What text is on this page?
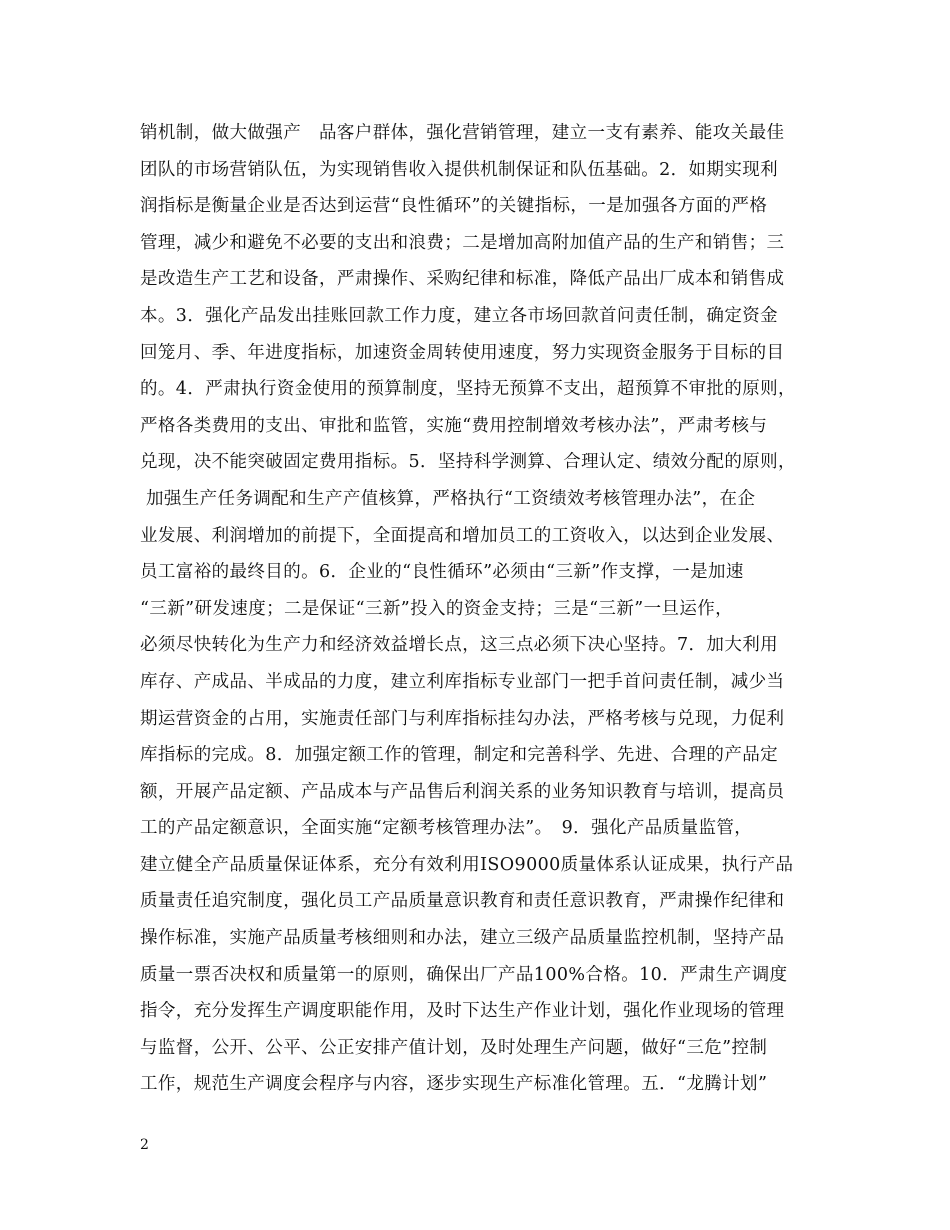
销机制，做大做强产　品客户群体，强化营销管理，建立一支有素养、能攻关最佳
团队的市场营销队伍，为实现销售收入提供机制保证和队伍基础。2．如期实现利
润指标是衡量企业是否达到运营“良性循环”的关键指标，一是加强各方面的严格
管理，减少和避免不必要的支出和浪费；二是增加高附加值产品的生产和销售；三
是改造生产工艺和设备，严肃操作、采购纪律和标准，降低产品出厂成本和销售成
本。3．强化产品发出挂账回款工作力度，建立各市场回款首问责任制，确定资金
回笼月、季、年进度指标，加速资金周转使用速度，努力实现资金服务于目标的目
的。4．严肃执行资金使用的预算制度，坚持无预算不支出，超预算不审批的原则，
严格各类费用的支出、审批和监管，实施“费用控制增效考核办法”，严肃考核与
兑现，决不能突破固定费用指标。5．坚持科学测算、合理认定、绩效分配的原则，
加强生产任务调配和生产产值核算，严格执行“工资绩效考核管理办法”，在企
业发展、利润增加的前提下，全面提高和增加员工的工资收入，以达到企业发展、
员工富裕的最终目的。6．企业的“良性循环”必须由“三新”作支撑，一是加速
“三新”研发速度；二是保证“三新”投入的资金支持；三是“三新”一旦运作，
必须尽快转化为生产力和经济效益增长点，这三点必须下决心坚持。7．加大利用
库存、产成品、半成品的力度，建立利库指标专业部门一把手首问责任制，减少当
期运营资金的占用，实施责任部门与利库指标挂勾办法，严格考核与兑现，力促利
库指标的完成。8．加强定额工作的管理，制定和完善科学、先进、合理的产品定
额，开展产品定额、产品成本与产品售后利润关系的业务知识教育与培训，提高员
工的产品定额意识，全面实施“定额考核管理办法”。　9．强化产品质量监管，
建立健全产品质量保证体系，充分有效利用ISO9000质量体系认证成果，执行产品
质量责任追究制度，强化员工产品质量意识教育和责任意识教育，严肃操作纪律和
操作标准，实施产品质量考核细则和办法，建立三级产品质量监控机制，坚持产品
质量一票否决权和质量第一的原则，确保出厂产品100%合格。10．严肃生产调度
指令，充分发挥生产调度职能作用，及时下达生产作业计划，强化作业现场的管理
与监督，公开、公平、公正安排产值计划，及时处理生产问题，做好“三危”控制
工作，规范生产调度会程序与内容，逐步实现生产标准化管理。五．“龙腾计划”
2
